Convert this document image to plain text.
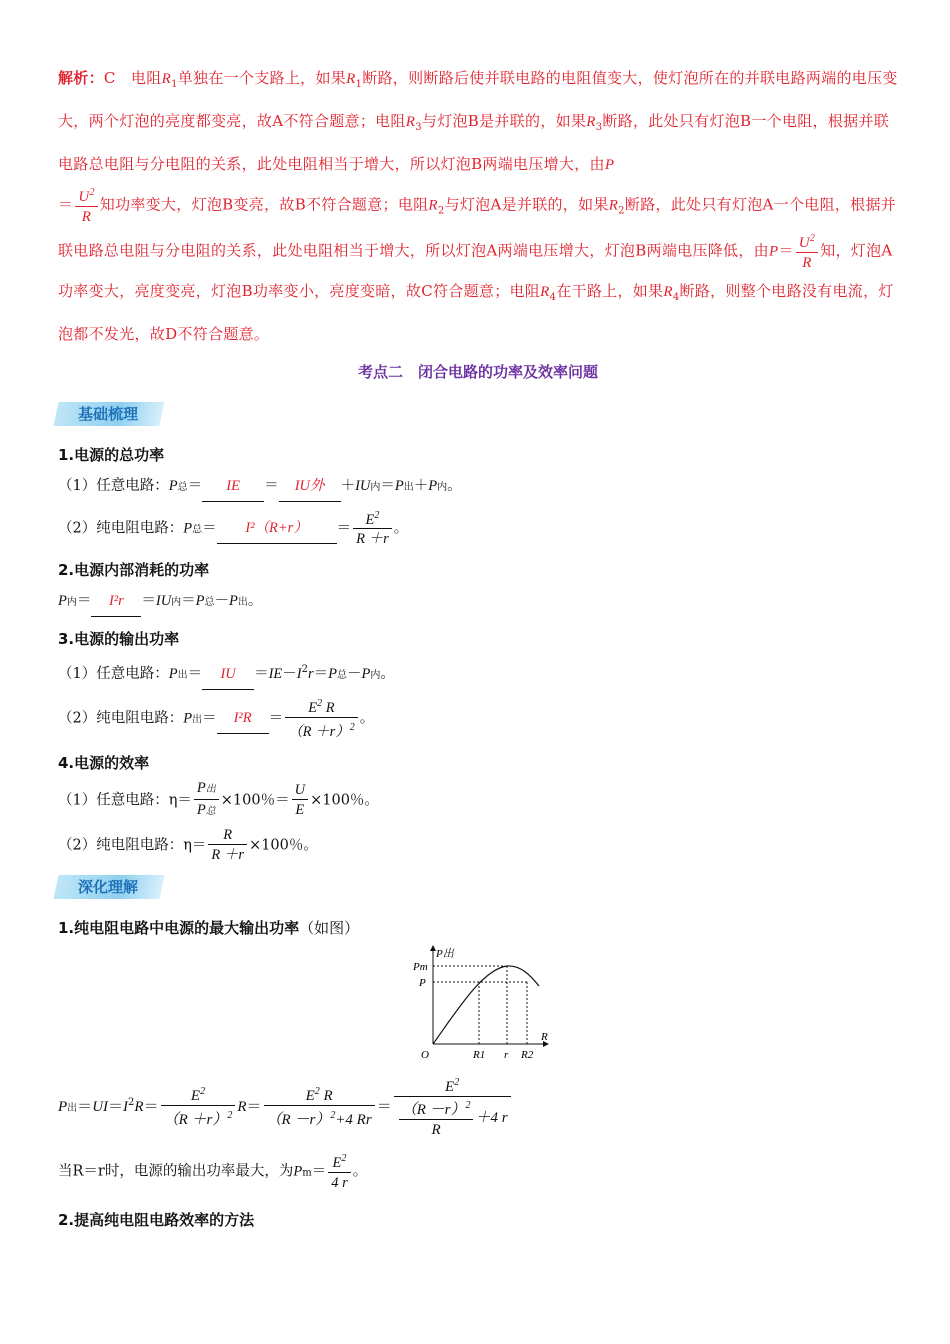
解析：C　 电阻$R_1$单独在一个支路上，如果$R_1$断路，则断路后使并联电路的电阻值变大，使灯泡所在的并联电路两端的电压变大，两个灯泡的亮度都变亮，故A不符合题意；电阻$R_3$与灯泡B是并联的，如果$R_3$断路，此处只有灯泡B一个电阻，根据并联电路总电阻与分电阻的关系，此处电阻相当于增大，所以灯泡B两端电压增大，由P
＝ $\frac{U^2}{R}$ 知功率变大，灯泡B变亮，故B不符合题意；电阻$R_2$与灯泡A是并联的，如果$R_2$断路，此处只有灯泡A一个电阻，根据并联电路总电阻与分电阻的关系，此处电阻相当于增大，所以灯泡A两端电压增大，灯泡B两端电压降低，由$P= \frac{U^2}{R}$ 知，灯泡A功率变大，亮度变亮，灯泡B功率变小，亮度变暗，故C符合题意；电阻$R_4$在干路上，如果$R_4$断路，则整个电路没有电流，灯泡都不发光，故D不符合题意。
考点二　闭合电路的功率及效率问题
基础梳理
1.电源的总功率
（1）任意电路：P总＝ IE ＝ IU外 ＋IU内＝P出＋P内。
（2）纯电阻电路：P总＝ $I^2(R+r) = \frac{E^2}{R +r}$ 。
2.电源内部消耗的功率
P内＝ I²r ＝IU内＝P总－P出。
3.电源的输出功率
（1）任意电路：P出＝ IU $=IE-I^2r=P$总－P内。
（2）纯电阻电路：P出＝ $I^2R = \frac{E^2 R}{(R +r)^2}$ 。
4.电源的效率
（1）任意电路：$\eta= \frac{\text{P出}}{\text{P总}} \times 100$％＝ $\frac{U}{E} \times 100$％。
（2）纯电阻电路：$\eta= \frac{R}{R +r} \times 100$％。
深化理解
1.纯电阻电路中电源的最大输出功率（如图）
P出
Pm
P
R
O	R1 r R2
P出$=UI=I^2R= \frac{E^2}{(R +r)^2} R= \frac{E^2 R}{(R -r)^2+4 Rr} = \frac{E^2}{\frac{(R -r)^2}{R} +4 r}$
当R＝r时，电源的输出功率最大，为$Pm= \frac{E^2}{4 r}$ 。
2.提高纯电阻电路效率的方法
